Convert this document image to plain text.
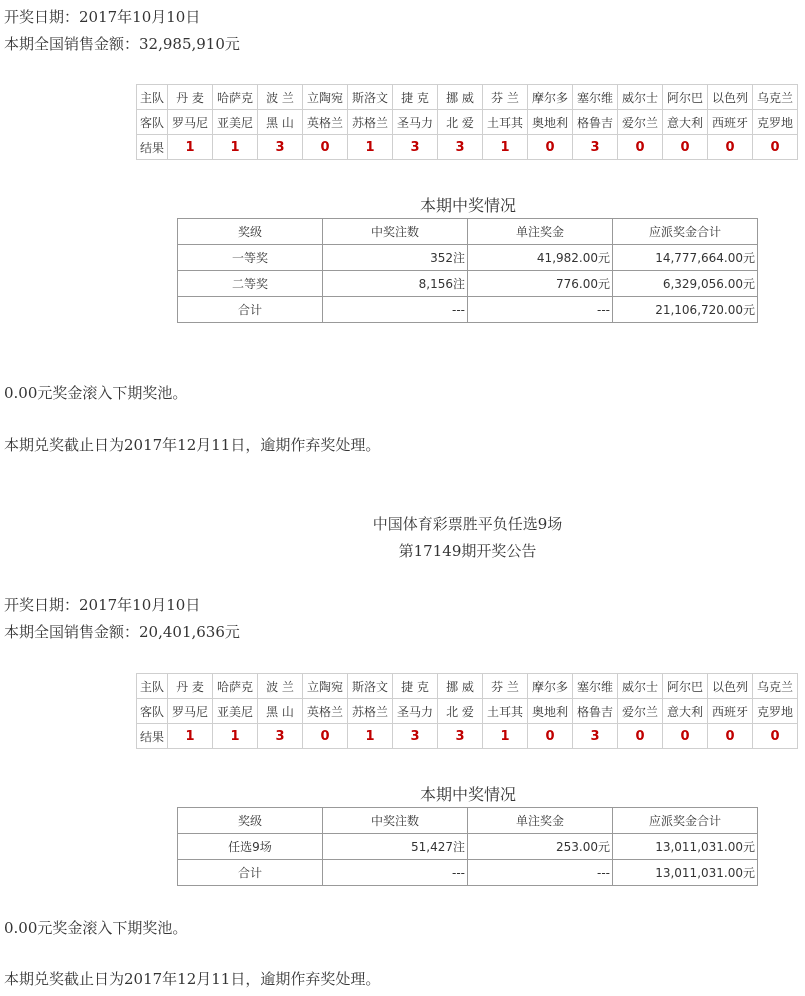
开奖日期：2017年10月10日
本期全国销售金额：32,985,910元
主队	丹 麦	哈萨克	波 兰	立陶宛	斯洛文	捷 克	挪 威	芬 兰	摩尔多	塞尔维	威尔士	阿尔巴	以色列	乌克兰
客队	罗马尼	亚美尼	黑 山	英格兰	苏格兰	圣马力	北 爱	土耳其	奥地利	格鲁吉	爱尔兰	意大利	西班牙	克罗地
结果	1	1	3	0	1	3	3	1	0	3	0	0	0	0
本期中奖情况
奖级	中奖注数	单注奖金	应派奖金合计
一等奖	352注	41,982.00元	14,777,664.00元
二等奖	8,156注	776.00元	6,329,056.00元
合计	---	---	21,106,720.00元
0.00元奖金滚入下期奖池。
本期兑奖截止日为2017年12月11日，逾期作弃奖处理。
中国体育彩票胜平负任选9场
第17149期开奖公告
开奖日期：2017年10月10日
本期全国销售金额：20,401,636元
主队	丹 麦	哈萨克	波 兰	立陶宛	斯洛文	捷 克	挪 威	芬 兰	摩尔多	塞尔维	威尔士	阿尔巴	以色列	乌克兰
客队	罗马尼	亚美尼	黑 山	英格兰	苏格兰	圣马力	北 爱	土耳其	奥地利	格鲁吉	爱尔兰	意大利	西班牙	克罗地
结果	1	1	3	0	1	3	3	1	0	3	0	0	0	0
本期中奖情况
奖级	中奖注数	单注奖金	应派奖金合计
任选9场	51,427注	253.00元	13,011,031.00元
合计	---	---	13,011,031.00元
0.00元奖金滚入下期奖池。
本期兑奖截止日为2017年12月11日，逾期作弃奖处理。
